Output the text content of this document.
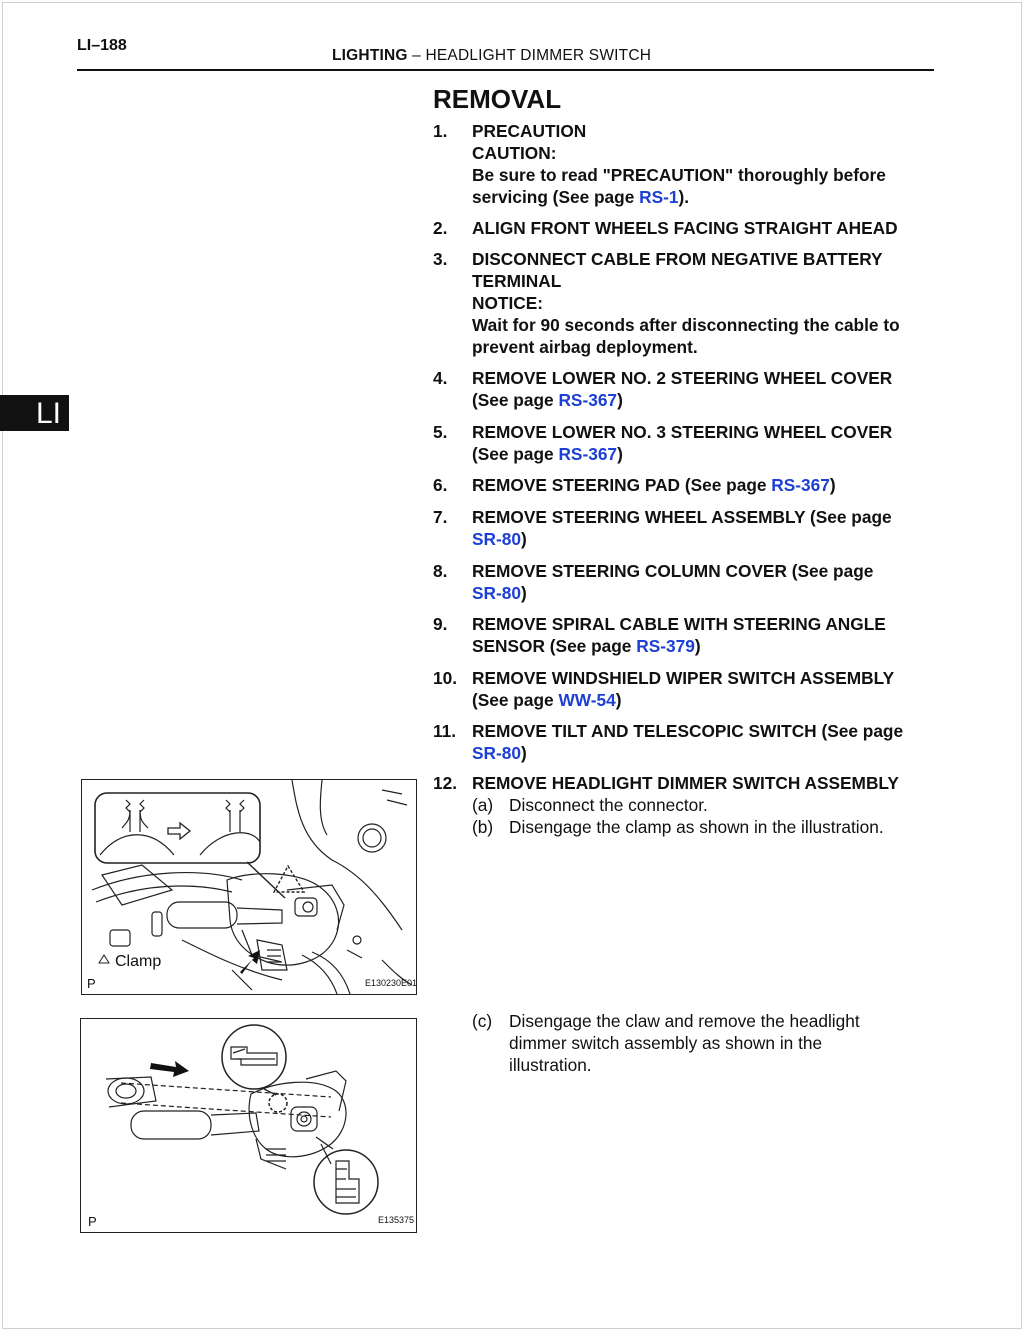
LI–188
LIGHTING – HEADLIGHT DIMMER SWITCH
LI
REMOVAL
1. PRECAUTION
CAUTION:
Be sure to read "PRECAUTION" thoroughly before
servicing (See page RS-1).
2. ALIGN FRONT WHEELS FACING STRAIGHT AHEAD
3. DISCONNECT CABLE FROM NEGATIVE BATTERY
TERMINAL
NOTICE:
Wait for 90 seconds after disconnecting the cable to
prevent airbag deployment.
4. REMOVE LOWER NO. 2 STEERING WHEEL COVER
(See page RS-367)
5. REMOVE LOWER NO. 3 STEERING WHEEL COVER
(See page RS-367)
6. REMOVE STEERING PAD (See page RS-367)
7. REMOVE STEERING WHEEL ASSEMBLY (See page
SR-80)
8. REMOVE STEERING COLUMN COVER (See page
SR-80)
9. REMOVE SPIRAL CABLE WITH STEERING ANGLE
SENSOR (See page RS-379)
10. REMOVE WINDSHIELD WIPER SWITCH ASSEMBLY
(See page WW-54)
11. REMOVE TILT AND TELESCOPIC SWITCH (See page
SR-80)
12. REMOVE HEADLIGHT DIMMER SWITCH ASSEMBLY
(a) Disconnect the connector.
(b) Disengage the clamp as shown in the illustration.
(c) Disengage the claw and remove the headlight dimmer switch assembly as shown in the illustration.
Clamp
P	E130230E01
P	E135375
